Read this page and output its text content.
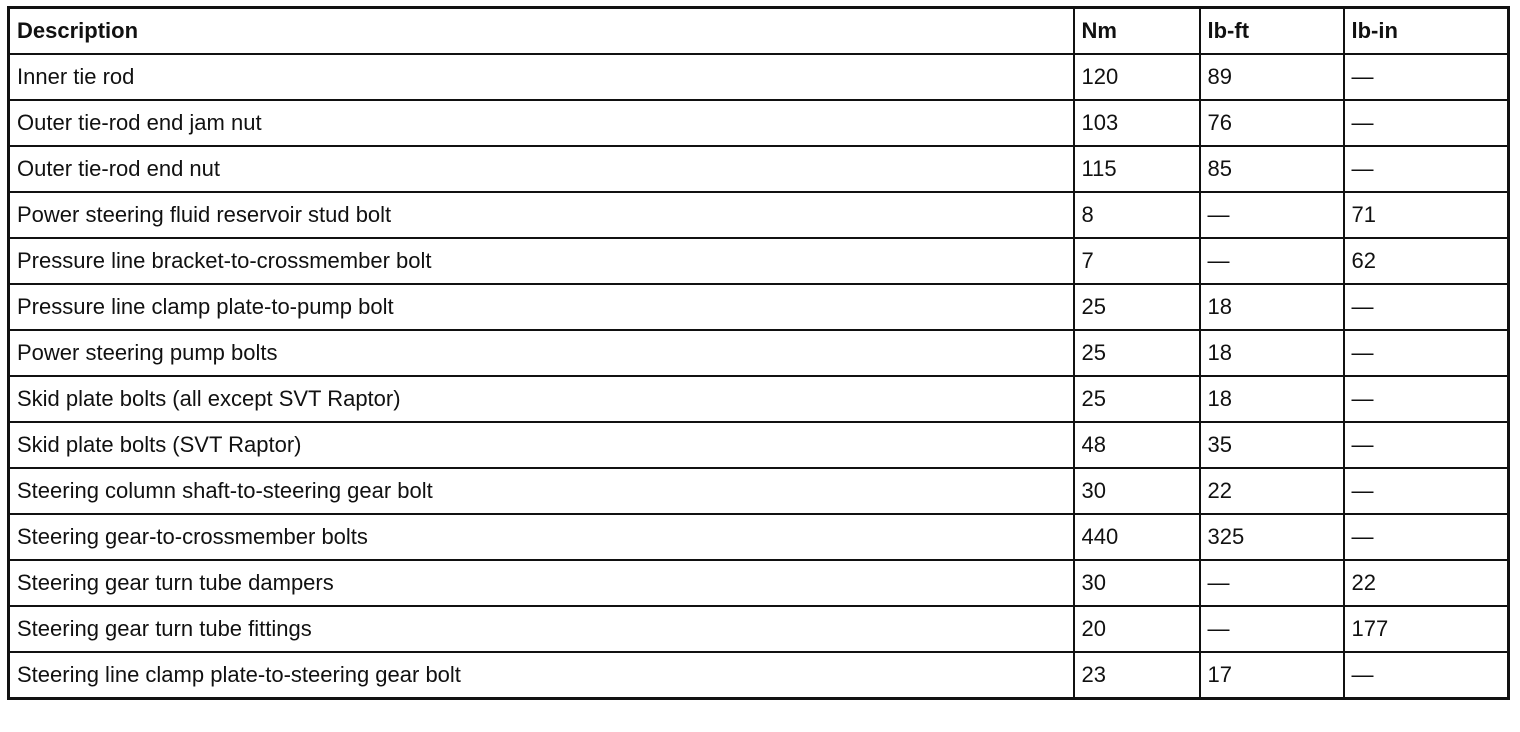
Description	Nm	lb-ft	lb-in
Inner tie rod	120	89	—
Outer tie-rod end jam nut	103	76	—
Outer tie-rod end nut	115	85	—
Power steering fluid reservoir stud bolt	8	—	71
Pressure line bracket-to-crossmember bolt	7	—	62
Pressure line clamp plate-to-pump bolt	25	18	—
Power steering pump bolts	25	18	—
Skid plate bolts (all except SVT Raptor)	25	18	—
Skid plate bolts (SVT Raptor)	48	35	—
Steering column shaft-to-steering gear bolt	30	22	—
Steering gear-to-crossmember bolts	440	325	—
Steering gear turn tube dampers	30	—	22
Steering gear turn tube fittings	20	—	177
Steering line clamp plate-to-steering gear bolt	23	17	—
